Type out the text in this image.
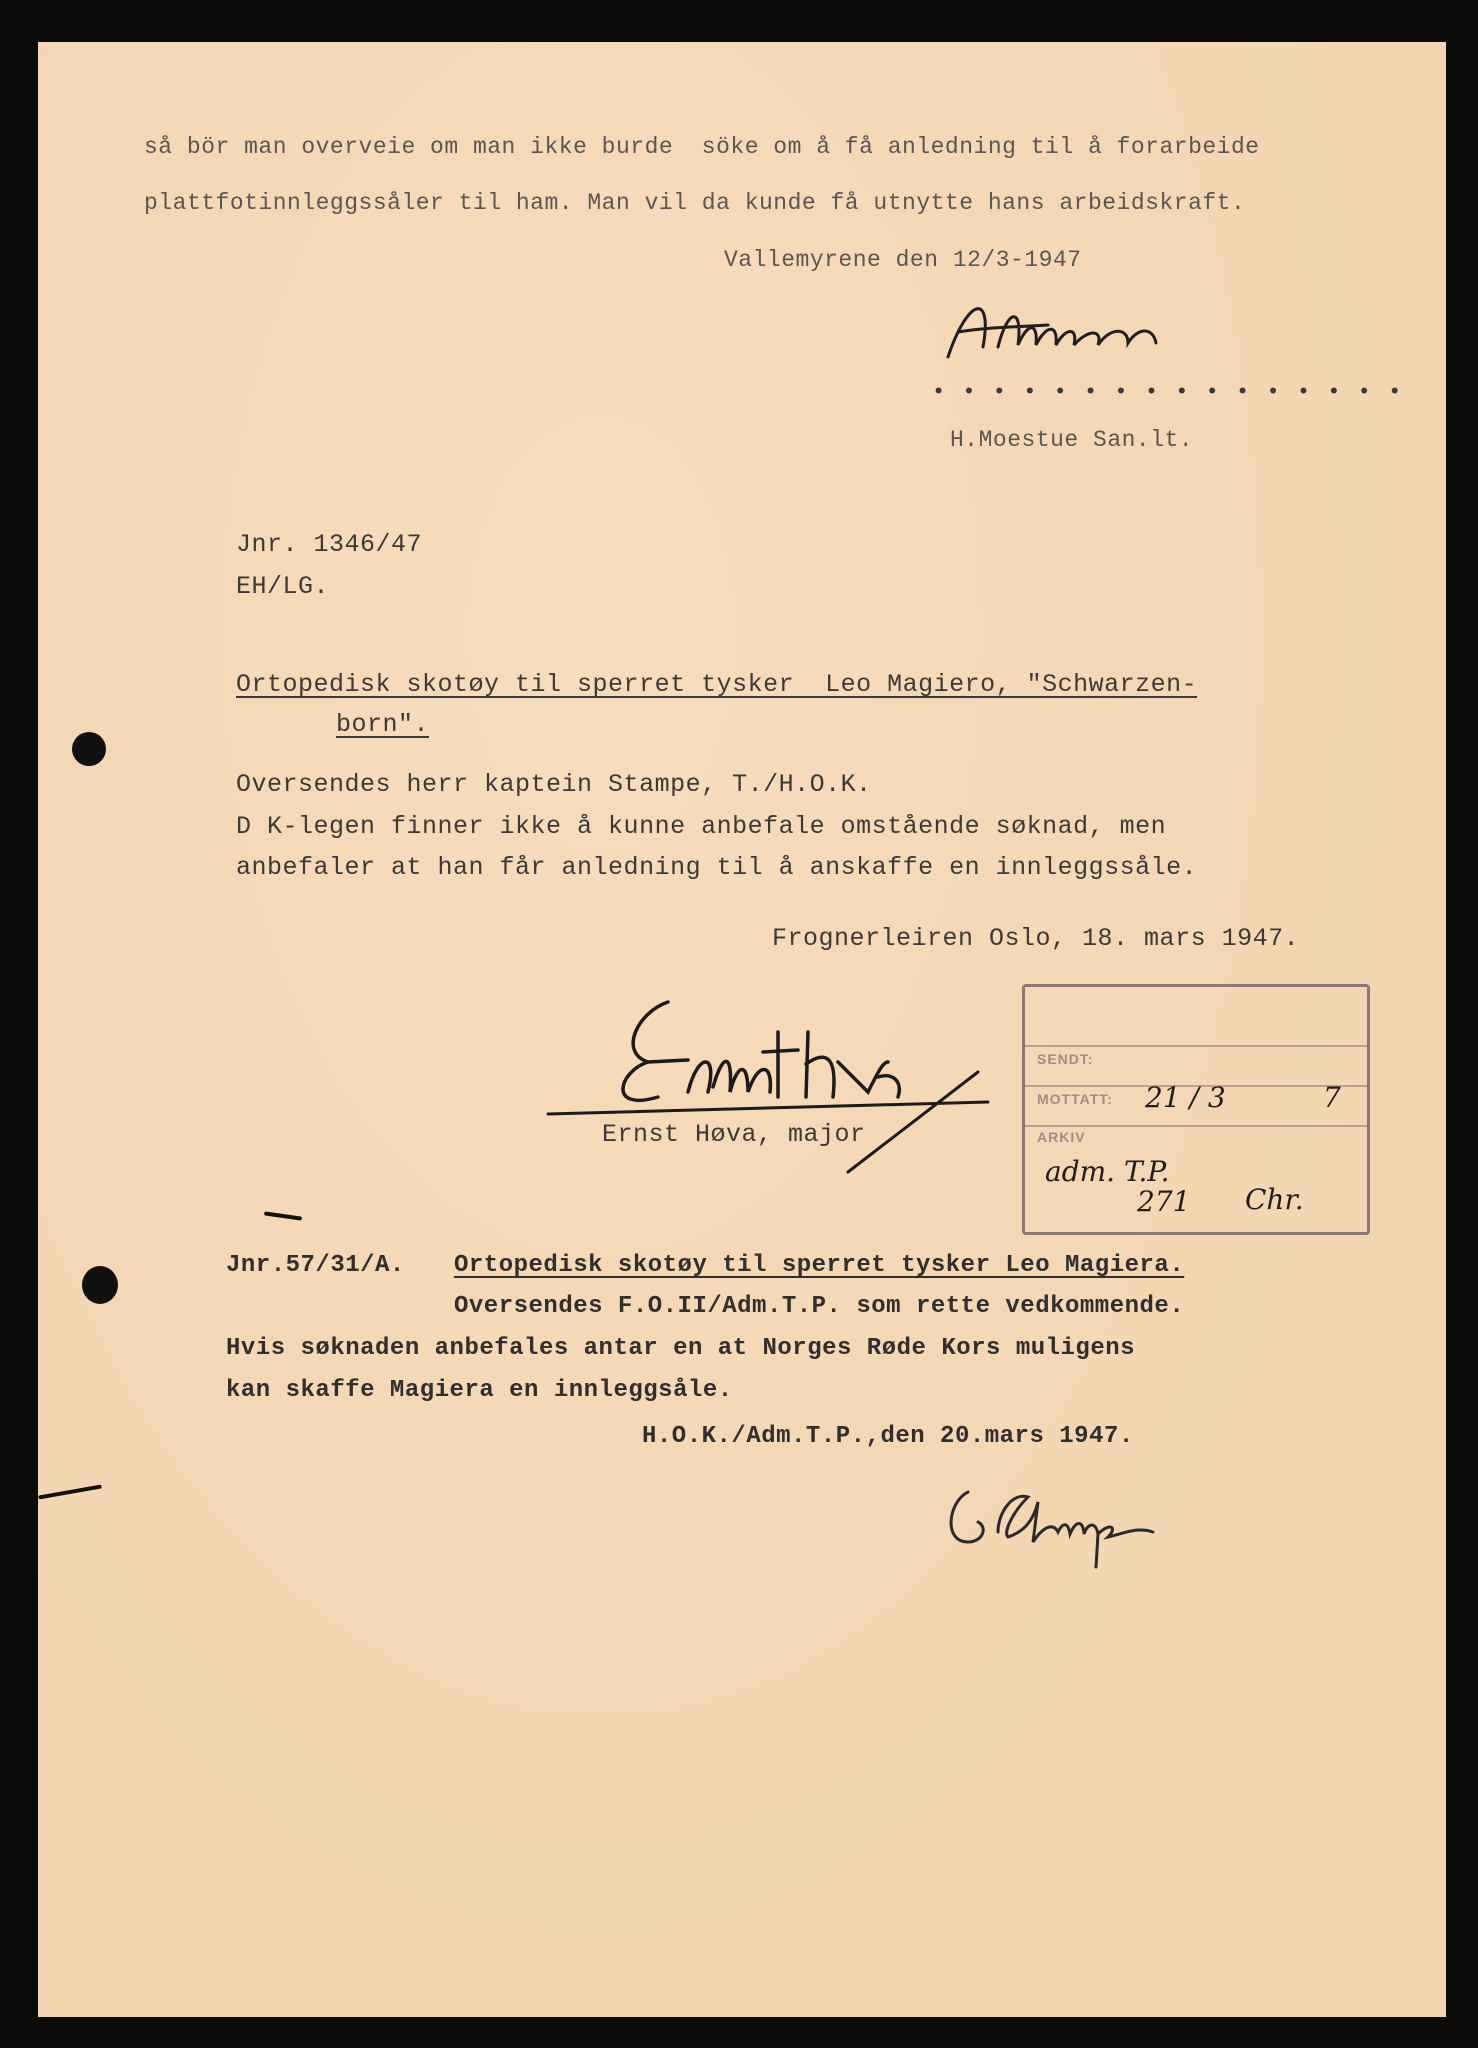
så bör man overveie om man ikke burde  söke om å få anledning til å forarbeide
plattfotinnleggssåler til ham. Man vil da kunde få utnytte hans arbeidskraft.
Vallemyrene den 12/3-1947
• • • • • • • • • • • • • • • •
H.Moestue San.lt.
Jnr. 1346/47
EH/LG.
Ortopedisk skotøy til sperret tysker  Leo Magiero, "Schwarzen-
born".
Oversendes herr kaptein Stampe, T./H.O.K.
D K-legen finner ikke å kunne anbefale omstående søknad, men
anbefaler at han får anledning til å anskaffe en innleggssåle.
Frognerleiren Oslo, 18. mars 1947.
Ernst Høva, major
SENDT:
MOTTATT:
ARKIV
21 / 3	7
adm. T.P.
271 Chr.
Jnr.57/31/A. Ortopedisk skotøy til sperret tysker Leo Magiera.
Oversendes F.O.II/Adm.T.P. som rette vedkommende.
Hvis søknaden anbefales antar en at Norges Røde Kors muligens
kan skaffe Magiera en innleggsåle.
H.O.K./Adm.T.P.,den 20.mars 1947.
